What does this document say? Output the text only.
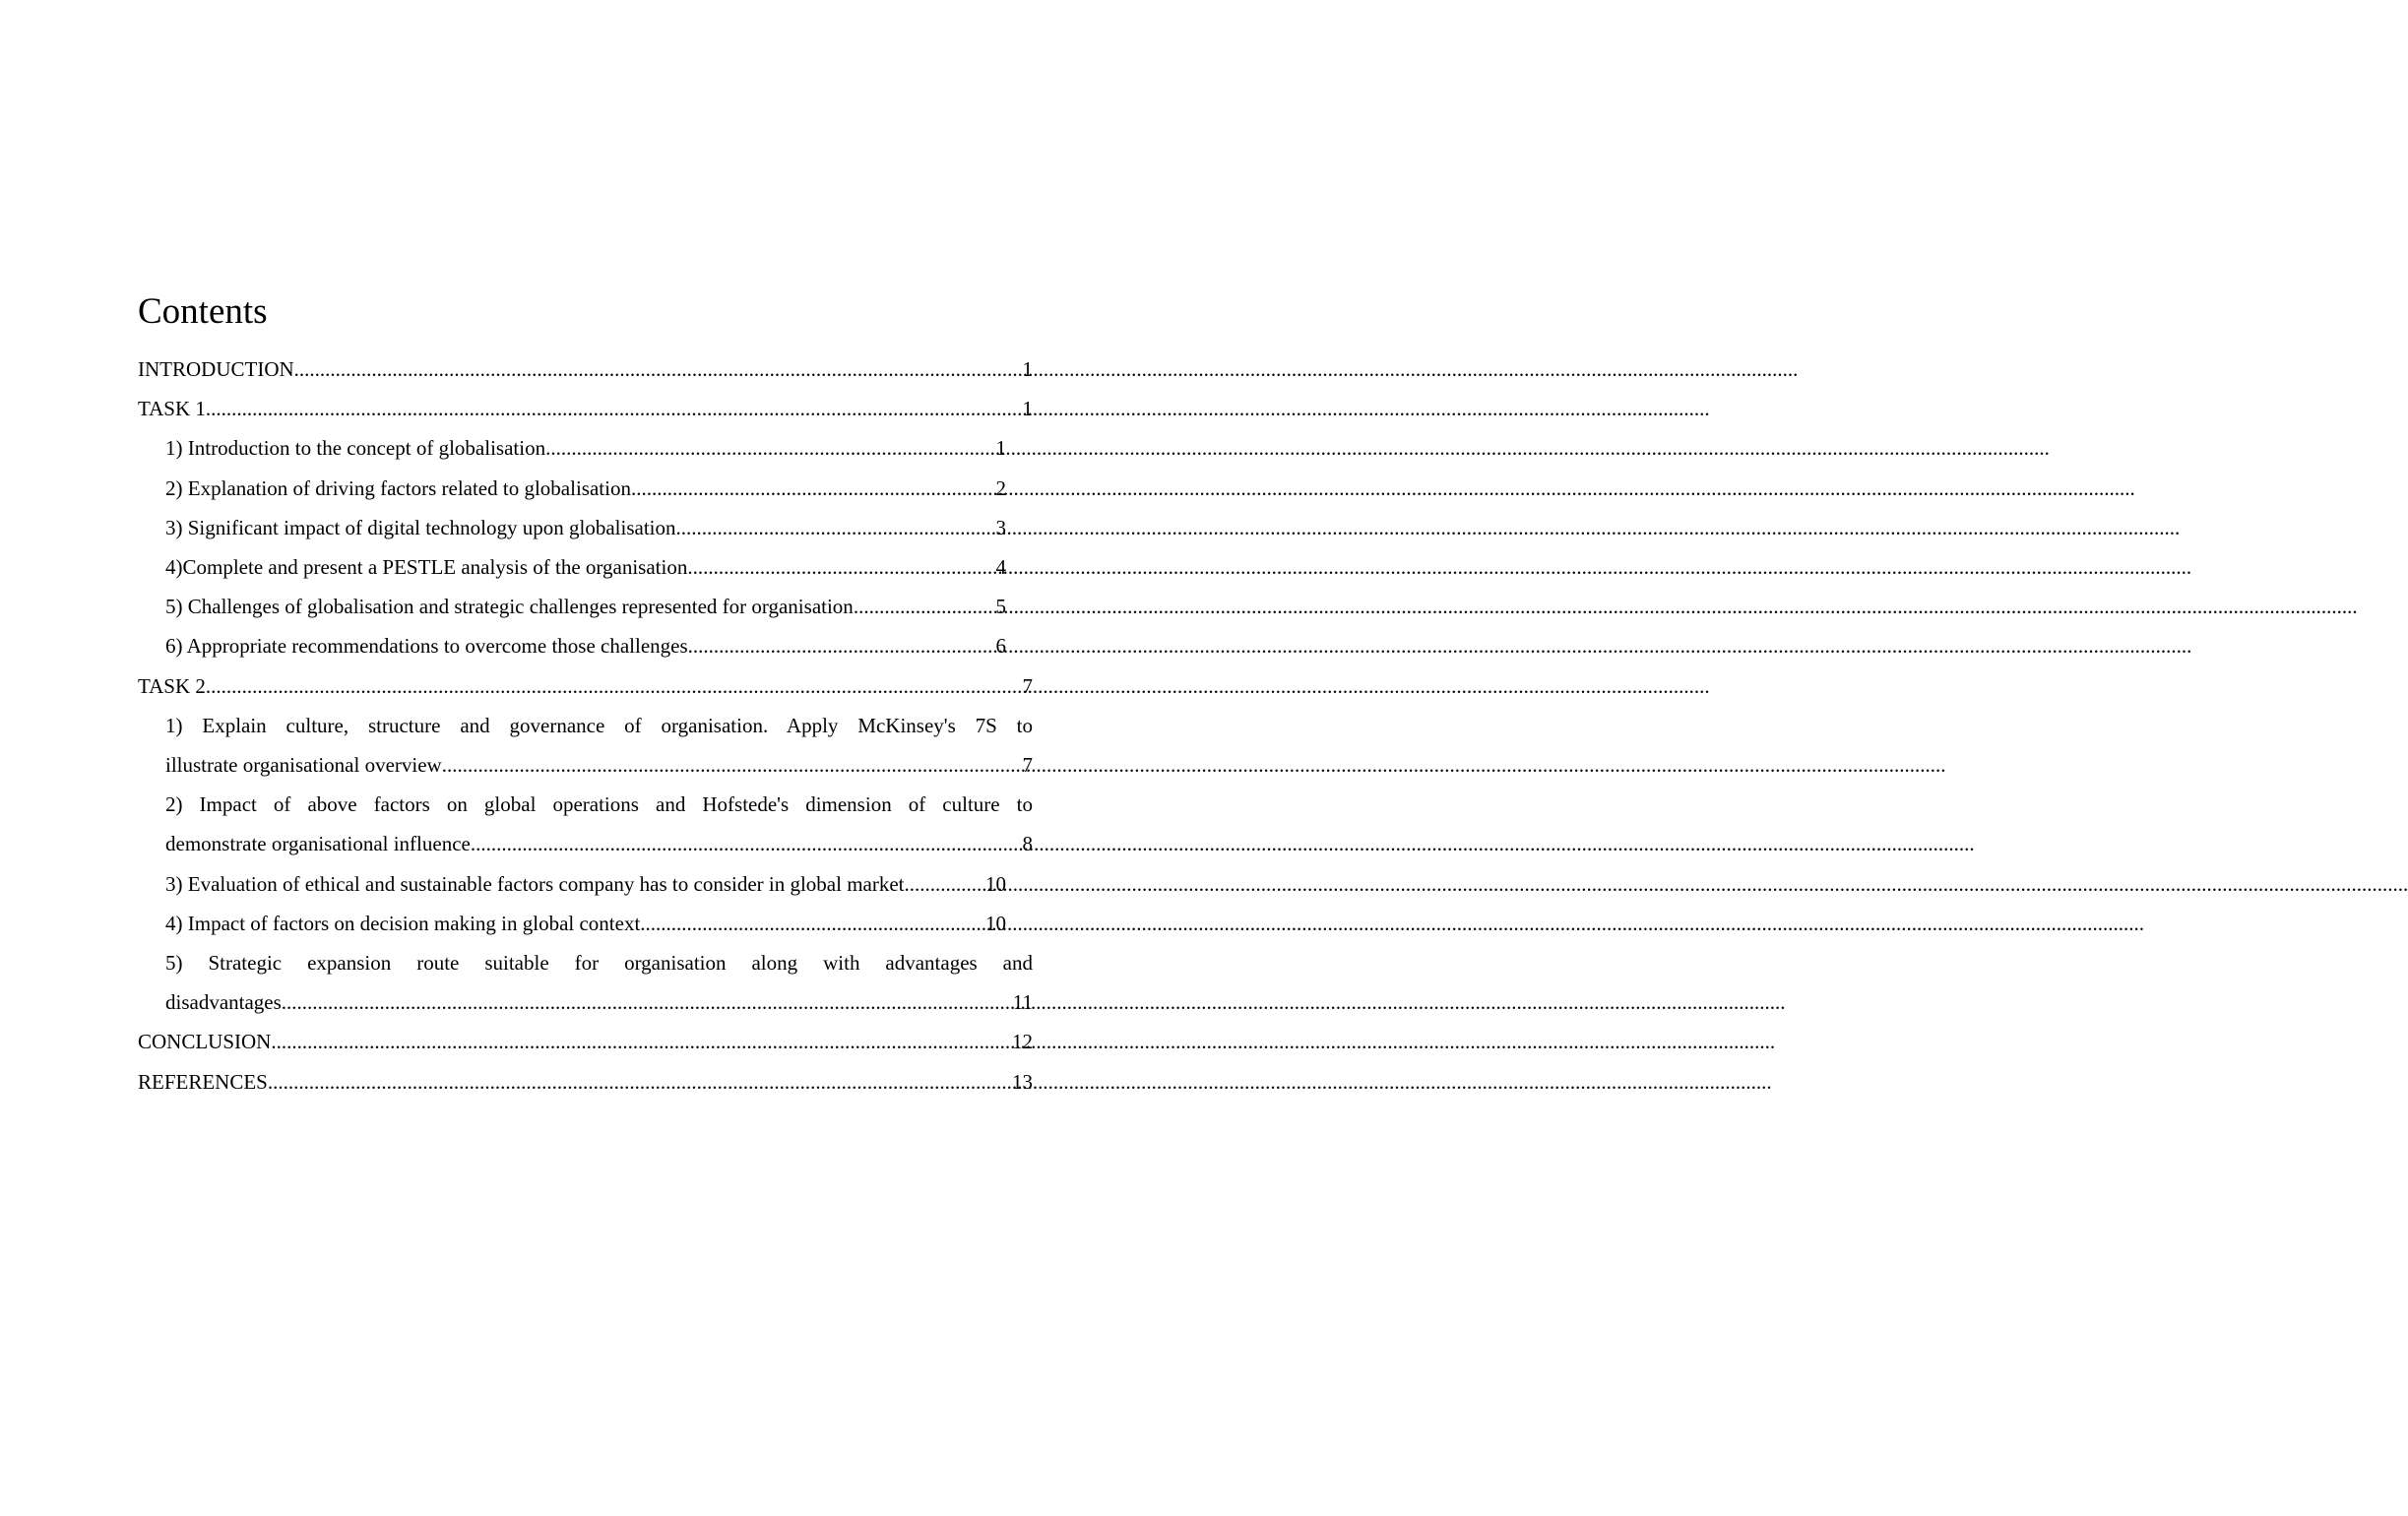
Contents
INTRODUCTION .....	1
TASK 1 .....	1
1) Introduction to the concept of globalisation .....	1
2) Explanation of driving factors related to globalisation .....	2
3) Significant impact of digital technology upon globalisation .....	3
4)Complete and present a PESTLE analysis of the organisation .....	4
5) Challenges of globalisation and strategic challenges represented for organisation .....	5
6) Appropriate recommendations to overcome those challenges .....	6
TASK 2 .....	7
1) Explain culture, structure and governance of organisation. Apply McKinsey's 7S to
illustrate organisational overview .....	7
2) Impact of above factors on global operations and Hofstede's dimension of culture to
demonstrate organisational influence .....	8
3) Evaluation of ethical and sustainable factors company has to consider in global market .....	10
4) Impact of factors on decision making in global context .....	10
5) Strategic expansion route suitable for organisation along with advantages and
disadvantages .....	11
CONCLUSION .....	12
REFERENCES .....	13
